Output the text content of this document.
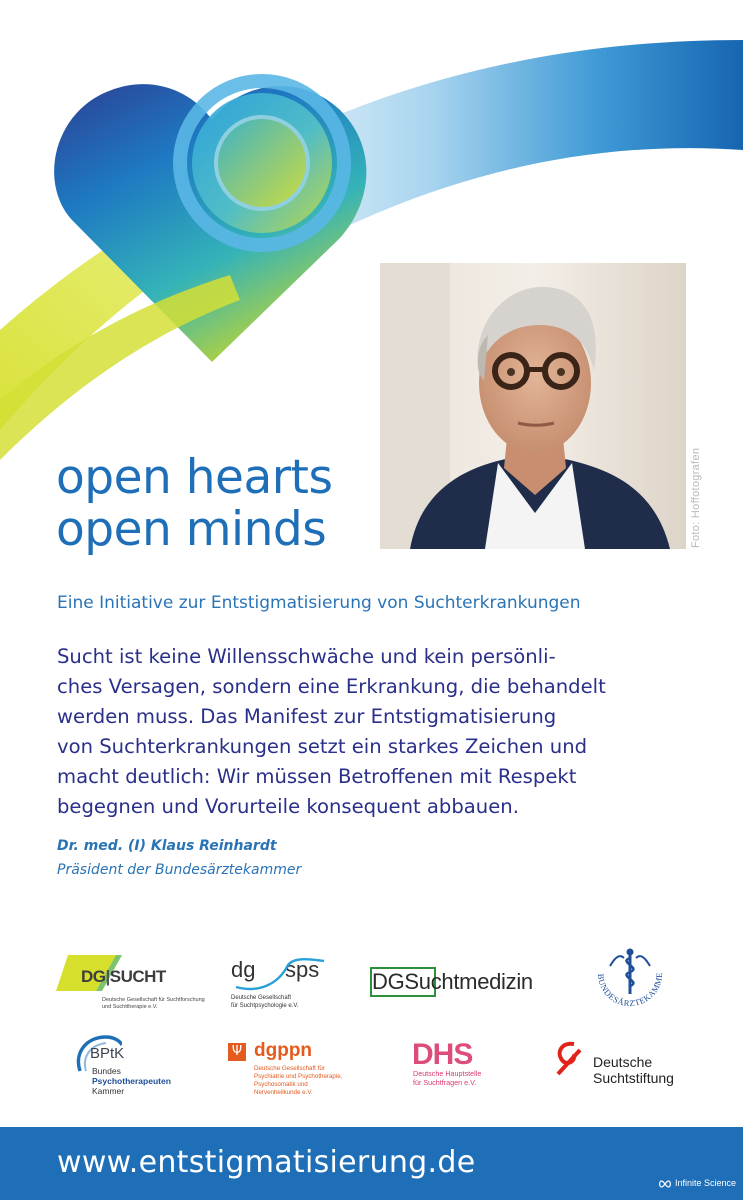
open hearts
open minds	Foto: Hoffotografen
Eine Initiative zur Entstigmatisierung von Suchterkrankungen
Sucht ist keine Willensschwäche und kein persönli-
ches Versagen, sondern eine Erkrankung, die behandelt
werden muss. Das Manifest zur Entstigmatisierung
von Suchterkrankungen setzt ein starkes Zeichen und
macht deutlich: Wir müssen Betroffenen mit Respekt
begegnen und Vorurteile konsequent abbauen.
Dr. med. (I) Klaus Reinhardt
Präsident der Bundesärztekammer
DG|SUCHT
Deutsche Gesellschaft für Suchtforschung
und Suchttherapie e.V.
dg sps
Deutsche Gesellschaft
für Suchtpsychologie e.V.
DGSuchtmedizin	BUNDESÄRZTEKAMME
BPtK
Bundes
Psychotherapeuten
Kammer
Ψ dgppn
Deutsche Gesellschaft für
Psychiatrie und Psychotherapie,
Psychosomatik und
Nervenheilkunde e.V.
DHS
Deutsche Hauptstelle
für Suchtfragen e.V.
Deutsche
Suchtstiftung
www.entstigmatisierung.de
Infinite Science
